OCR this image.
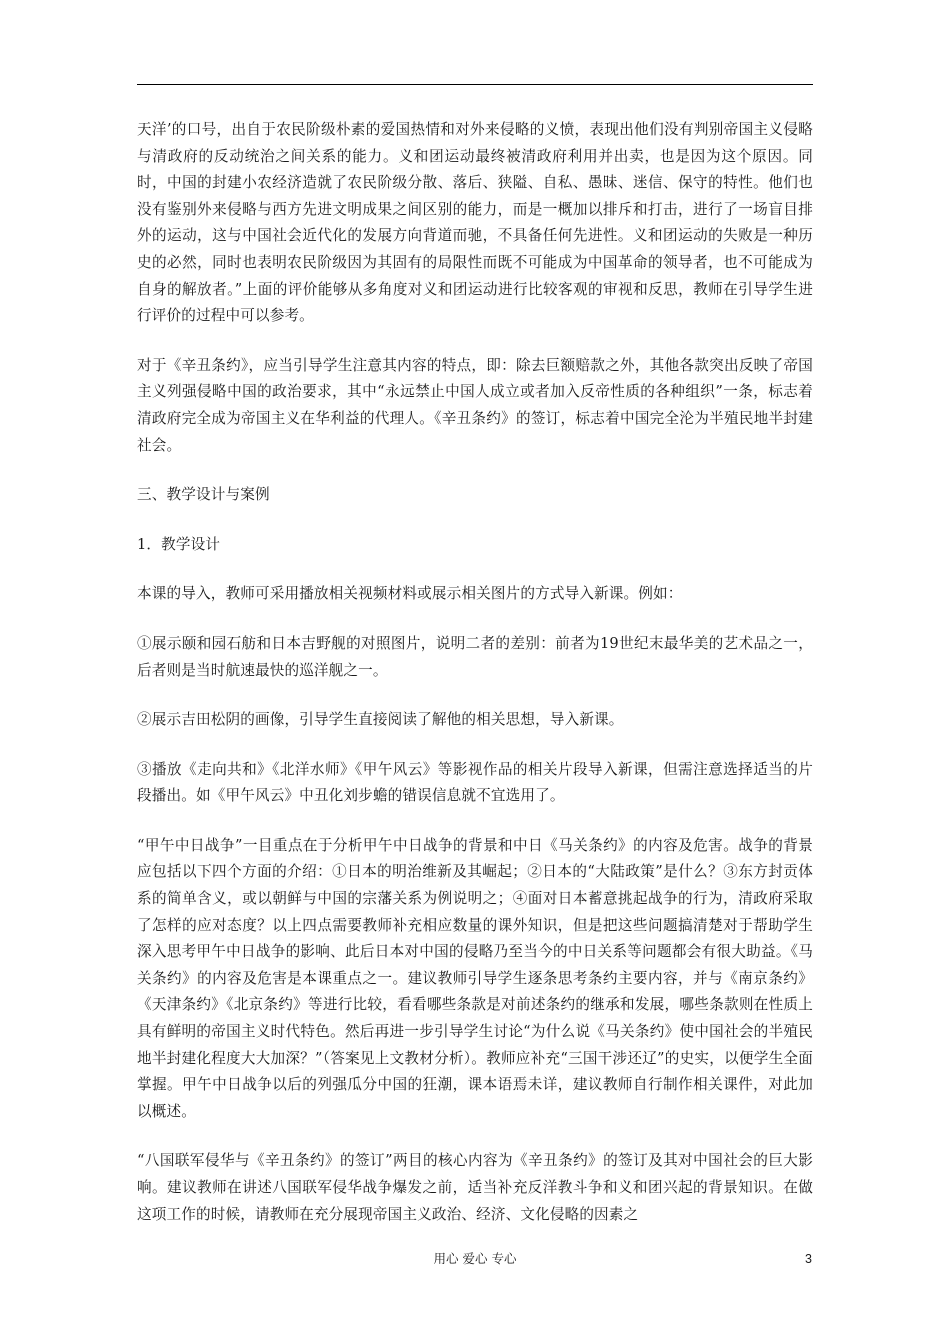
天洋’的口号，出自于农民阶级朴素的爱国热情和对外来侵略的义愤，表现出他们没有判别帝国主义侵略与清政府的反动统治之间关系的能力。义和团运动最终被清政府利用并出卖，也是因为这个原因。同时，中国的封建小农经济造就了农民阶级分散、落后、狭隘、自私、愚昧、迷信、保守的特性。他们也没有鉴别外来侵略与西方先进文明成果之间区别的能力，而是一概加以排斥和打击，进行了一场盲目排外的运动，这与中国社会近代化的发展方向背道而驰，不具备任何先进性。义和团运动的失败是一种历史的必然，同时也表明农民阶级因为其固有的局限性而既不可能成为中国革命的领导者，也不可能成为自身的解放者。”上面的评价能够从多角度对义和团运动进行比较客观的审视和反思，教师在引导学生进行评价的过程中可以参考。

对于《辛丑条约》，应当引导学生注意其内容的特点，即：除去巨额赔款之外，其他各款突出反映了帝国主义列强侵略中国的政治要求，其中“永远禁止中国人成立或者加入反帝性质的各种组织”一条，标志着清政府完全成为帝国主义在华利益的代理人。《辛丑条约》的签订，标志着中国完全沦为半殖民地半封建社会。

三、教学设计与案例

1．教学设计

本课的导入，教师可采用播放相关视频材料或展示相关图片的方式导入新课。例如：

①展示颐和园石舫和日本吉野舰的对照图片，说明二者的差别：前者为19世纪末最华美的艺术品之一，后者则是当时航速最快的巡洋舰之一。

②展示吉田松阴的画像，引导学生直接阅读了解他的相关思想，导入新课。

③播放《走向共和》《北洋水师》《甲午风云》等影视作品的相关片段导入新课，但需注意选择适当的片段播出。如《甲午风云》中丑化刘步蟾的错误信息就不宜选用了。

“甲午中日战争”一目重点在于分析甲午中日战争的背景和中日《马关条约》的内容及危害。战争的背景应包括以下四个方面的介绍：①日本的明治维新及其崛起；②日本的“大陆政策”是什么？③东方封贡体系的简单含义，或以朝鲜与中国的宗藩关系为例说明之；④面对日本蓄意挑起战争的行为，清政府采取了怎样的应对态度？以上四点需要教师补充相应数量的课外知识，但是把这些问题搞清楚对于帮助学生深入思考甲午中日战争的影响、此后日本对中国的侵略乃至当今的中日关系等问题都会有很大助益。《马关条约》的内容及危害是本课重点之一。建议教师引导学生逐条思考条约主要内容，并与《南京条约》《天津条约》《北京条约》等进行比较，看看哪些条款是对前述条约的继承和发展，哪些条款则在性质上具有鲜明的帝国主义时代特色。然后再进一步引导学生讨论“为什么说《马关条约》使中国社会的半殖民地半封建化程度大大加深？”（答案见上文教材分析）。教师应补充“三国干涉还辽”的史实，以便学生全面掌握。甲午中日战争以后的列强瓜分中国的狂潮，课本语焉未详，建议教师自行制作相关课件，对此加以概述。

“八国联军侵华与《辛丑条约》的签订”两目的核心内容为《辛丑条约》的签订及其对中国社会的巨大影响。建议教师在讲述八国联军侵华战争爆发之前，适当补充反洋教斗争和义和团兴起的背景知识。在做这项工作的时候，请教师在充分展现帝国主义政治、经济、文化侵略的因素之

用心 爱心 专心	3
